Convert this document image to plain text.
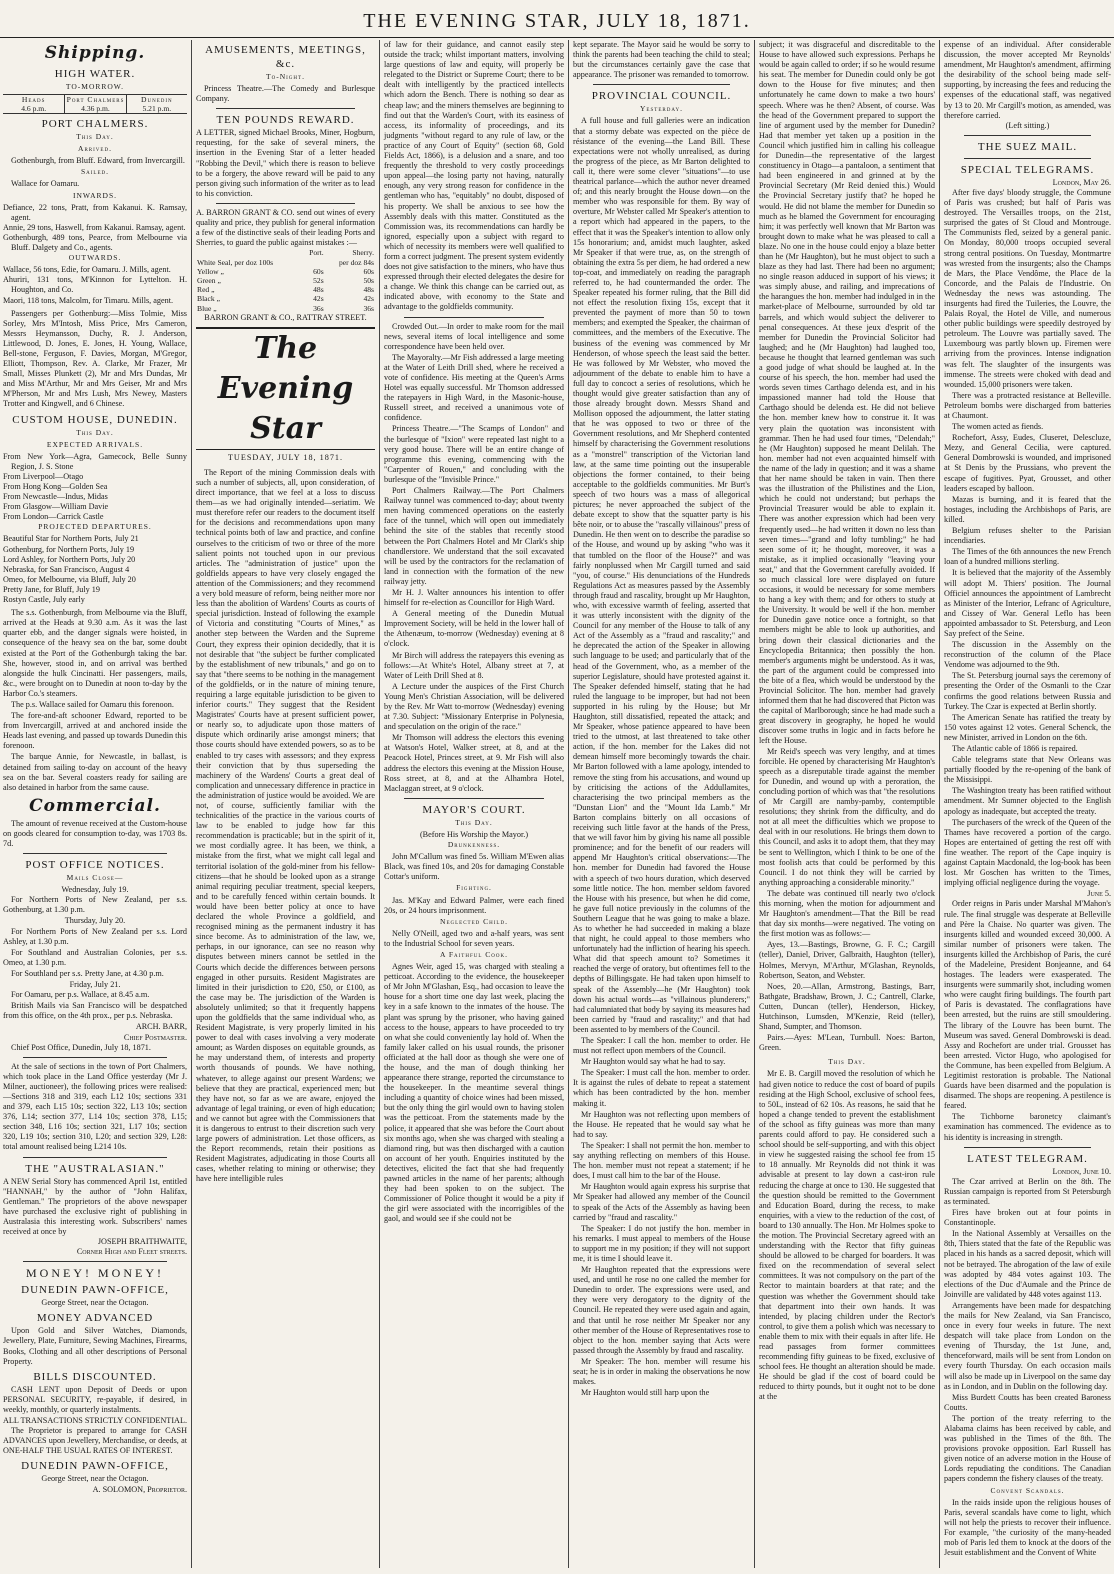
THE EVENING STAR, JULY 18, 1871.
Shipping.
HIGH WATER.
TO-MORROW.
Heads
4.6 p.m.
Port Chalmers
4.36 p.m.
Dunedin
5.21 p.m.
PORT CHALMERS.
This Day.
Arrived.
Gothenburgh, from Bluff. Edward, from Invercargill.
Sailed.
Wallace for Oamaru.
INWARDS.
Defiance, 22 tons, Pratt, from Kakanui. K. Ramsay, agent.
Annie, 29 tons, Haswell, from Kakanui. Ramsay, agent.
Gothenburgh, 489 tons, Pearce, from Melbourne via Bluff. Dalgety and Co., agents.
OUTWARDS.
Wallace, 56 tons, Edie, for Oamaru. J. Mills, agent.
Ahuriri, 131 tons, M'Kinnon for Lyttelton. H. Houghton, and Co.
Maori, 118 tons, Malcolm, for Timaru. Mills, agent.
Passengers per Gothenburg:—Miss Tolmie, Miss Sorley, Mrs M'Intosh, Miss Price, Mrs Cameron, Messrs Heymansson, Duchy, R. J. Anderson, Littlewood, D. Jones, E. Jones, H. Young, Wallace, Bell-stone, Ferguson, F. Davies, Morgan, M'Gregor, Elliott, Thompson, Rev. A. Clarke, Mr Frazer, Mr Small, Misses Plunkett (2), Mr and Mrs Dundas, Mr and Miss M'Arthur, Mr and Mrs Geiser, Mr and Mrs M'Pherson, Mr and Mrs Lush, Mrs Newey, Masters Trotter and Kingwell, and 6 Chinese.
CUSTOM HOUSE, DUNEDIN.
This Day.
EXPECTED ARRIVALS.
From New York—Agra, Gamecock, Belle Sunny Region, J. S. Stone
From Liverpool—Otago
From Hong Kong—Golden Sea
From Newcastle—Indus, Midas
From Glasgow—William Davie
From London—Carrick Castle
PROJECTED DEPARTURES.
Beautiful Star for Northern Ports, July 21
Gothenburg, for Northern Ports, July 19
Lord Ashley, for Northern Ports, July 20
Nebraska, for San Francisco, August 4
Omeo, for Melbourne, via Bluff, July 20
Pretty Jane, for Bluff, July 19
Rostyn Castle, July early
The s.s. Gothenburgh, from Melbourne via the Bluff, arrived at the Heads at 9.30 a.m. As it was the last quarter ebb, and the danger signals were hoisted, in consequence of the heavy sea on the bar, some doubt existed at the Port of the Gothenburgh taking the bar. She, however, stood in, and on arrival was berthed alongside the hulk Cincinatti. Her passengers, mails, &c., were brought on to Dunedin at noon to-day by the Harbor Co.'s steamers.
The p.s. Wallace sailed for Oamaru this forenoon.
The fore-and-aft schooner Edward, reported to be from Invercargill, arrived at and anchored inside the Heads last evening, and passed up towards Dunedin this forenoon.
The barque Annie, for Newcastle, in ballast, is detained from sailing to-day on account of the heavy sea on the bar. Several coasters ready for sailing are also detained in harbor from the same cause.
Commercial.
The amount of revenue received at the Custom-house on goods cleared for consumption to-day, was 1703 8s. 7d.
POST OFFICE NOTICES.
Mails Close—
Wednesday, July 19.
For Northern Ports of New Zealand, per s.s. Gothenburg, at 1.30 p.m.
Thursday, July 20.
For Northern Ports of New Zealand per s.s. Lord Ashley, at 1.30 p.m.
For Southland and Australian Colonies, per s.s. Omeo, at 1.30 p.m.
For Southland per s.s. Pretty Jane, at 4.30 p.m.
Friday, July 21.
For Oamaru, per p.s. Wallace, at 8.45 a.m.
British Mails via San Francisco will be despatched from this office, on the 4th prox., per p.s. Nebraska.
ARCH. BARR,
Chief Postmaster.
Chief Post Office, Dunedin, July 18, 1871.
At the sale of sections in the town of Port Chalmers, which took place in the Land Office yesterday (Mr J. Milner, auctioneer), the following prices were realised:—Sections 318 and 319, each L12 10s; sections 331 and 379, each L15 10s; section 322, L13 10s; section 376, L14; section 377, L14 10s; section 378, L15; section 348, L16 10s; section 321, L17 10s; section 320, L19 10s; section 310, L20; and section 329, L28: total amount realised being L214 10s.
THE "AUSTRALASIAN."
A NEW Serial Story has commenced April 1st, entitled "HANNAH," by the author of "John Halifax, Gentleman." The proprietors of the above newspaper have purchased the exclusive right of publishing in Australasia this interesting work. Subscribers' names received at once by
JOSEPH BRAITHWAITE,
Corner High and Fleet streets.
MONEY! MONEY!
DUNEDIN PAWN-OFFICE,
George Street, near the Octagon.
MONEY ADVANCED
Upon Gold and Silver Watches, Diamonds, Jewellery, Plate, Furniture, Sewing Machines, Firearms, Books, Clothing and all other descriptions of Personal Property.
BILLS DISCOUNTED.
CASH LENT upon Deposit of Deeds or upon PERSONAL SECURITY, re-payable, if desired, in weekly, monthly, or quarterly instalments.
ALL TRANSACTIONS STRICTLY CONFIDENTIAL.
The Proprietor is prepared to arrange for CASH ADVANCES upon Jewellery, Merchandise, or deeds, at ONE-HALF THE USUAL RATES OF INTEREST.
DUNEDIN PAWN-OFFICE,
George Street, near the Octagon.
A. SOLOMON, Proprietor.
AMUSEMENTS, MEETINGS, &c.
To-Night.
Princess Theatre.—The Comedy and Burlesque Company.
TEN POUNDS REWARD.
A LETTER, signed Michael Brooks, Miner, Hogburn, requesting, for the sake of several miners, the insertion in the Evening Star of a letter headed "Robbing the Devil," which there is reason to believe to be a forgery, the above reward will be paid to any person giving such information of the writer as to lead to his conviction.
A. BARRON GRANT & CO. send out wines of every quality and price, they publish for general information a few of the distinctive seals of their leading Ports and Sherries, to guard the public against mistakes :—
	Port.	Sherry.
White Seal, per doz 100s		per doz 84s
Yellow „	60s	60s
Green „	52s	50s
Red „	48s	48s
Black „	42s	42s
Blue „	36s	36s
BARRON GRANT & CO., RATTRAY STREET.
The Evening Star
TUESDAY, JULY 18, 1871.
The Report of the mining Commission deals with such a number of subjects, all, upon consideration, of direct importance, that we feel at a loss to discuss them—as we had originally intended—seriatim. We must therefore refer our readers to the document itself for the decisions and recommendations upon many technical points both of law and practice, and confine ourselves to the criticism of two or three of the more salient points not touched upon in our previous articles. The "administration of justice" upon the goldfields appears to have very closely engaged the attention of the Commissioners; and they recommend a very bold measure of reform, being neither more nor less than the abolition of Wardens' Courts as courts of special jurisdiction. Instead of following the example of Victoria and constituting "Courts of Mines," as another step between the Warden and the Supreme Court, they express their opinion decidedly, that it is not desirable that "the subject be further complicated by the establishment of new tribunals," and go on to say that "there seems to be nothing in the management of the goldfields, or in the nature of mining tenure, requiring a large equitable jurisdiction to be given to inferior courts." They suggest that the Resident Magistrates' Courts have at present sufficient power, or nearly so, to adjudicate upon those matters of dispute which ordinarily arise amongst miners; that those courts should have extended powers, so as to be enabled to try cases with assessors; and they express their conviction that by thus superseding the machinery of the Wardens' Courts a great deal of complication and unnecessary difference in practice in the administration of justice would be avoided. We are not, of course, sufficiently familiar with the technicalities of the practice in the various courts of law to be enabled to judge how far this recommendation is practicable; but in the spirit of it, we most cordially agree. It has been, we think, a mistake from the first, what we might call legal and territorial isolation of the gold-miner from his fellow-citizens—that he should be looked upon as a strange animal requiring peculiar treatment, special keepers, and to be carefully fenced within certain bounds. It would have been better policy at once to have declared the whole Province a goldfield, and recognised mining as the permanent industry it has since become. As to administration of the law, we, perhaps, in our ignorance, can see no reason why disputes between miners cannot be settled in the Courts which decide the differences between persons engaged in other pursuits. Resident Magistrates are limited in their jurisdiction to £20, £50, or £100, as the case may be. The jurisdiction of the Warden is absolutely unlimited; so that it frequently happens upon the goldfields that the same individual who, as Resident Magistrate, is very properly limited in his power to deal with cases involving a very moderate amount; as Warden disposes on equitable grounds, as he may understand them, of interests and property worth thousands of pounds. We have nothing, whatever, to allege against our present Wardens; we believe that they are practical, experienced men; but they have not, so far as we are aware, enjoyed the advantage of legal training, or even of high education; and we cannot but agree with the Commissioners that it is dangerous to entrust to their discretion such very large powers of administration. Let those officers, as the Report recommends, retain their positions as Resident Magistrates, adjudicating in those Courts all cases, whether relating to mining or otherwise; they have here intelligible rules
of law for their guidance, and cannot easily step outside the track; whilst important matters, involving large questions of law and equity, will properly be relegated to the District or Supreme Court; there to be dealt with intelligently by the practiced intellects which adorn the Bench. There is nothing so dear as cheap law; and the miners themselves are beginning to find out that the Warden's Court, with its easiness of access, its informality of proceedings, and its judgments "without regard to any rule of law, or the practice of any Court of Equity" (section 68, Gold Fields Act, 1866), is a delusion and a snare, and too frequently the threshold to very costly proceedings upon appeal—the losing party not having, naturally enough, any very strong reason for confidence in the gentleman who has, "equitably" no doubt, disposed of his property. We shall be anxious to see how the Assembly deals with this matter. Constituted as the Commission was, its recommendations can hardly be ignored, especially upon a subject with regard to which of necessity its members were well qualified to form a correct judgment. The present system evidently does not give satisfaction to the miners, who have thus expressed through their elected delegates the desire for a change. We think this change can be carried out, as indicated above, with economy to the State and advantage to the goldfields community.
Crowded Out.—In order to make room for the mail news, several items of local intelligence and some correspondence have been held over.
The Mayoralty.—Mr Fish addressed a large meeting at the Water of Leith Drill shed, where he received a vote of confidence. His meeting at the Queen's Arms Hotel was equally successful. Mr Thomson addressed the ratepayers in High Ward, in the Masonic-house, Russell street, and received a unanimous vote of confidence.
Princess Theatre.—"The Scamps of London" and the burlesque of "Ixion" were repeated last night to a very good house. There will be an entire change of programme this evening, commencing with the "Carpenter of Rouen," and concluding with the burlesque of the "Invisible Prince."
Port Chalmers Railway.—The Port Chalmers Railway tunnel was commenced to-day; about twenty men having commenced operations on the easterly face of the tunnel, which will open out immediately behind the site of the stables that recently stood between the Port Chalmers Hotel and Mr Clark's ship chandlerstore. We understand that the soil excavated will be used by the contractors for the reclamation of land in connection with the formation of the new railway jetty.
Mr H. J. Walter announces his intention to offer himself for re-election as Councillor for High Ward.
A General meeting of the Dunedin Mutual Improvement Society, will be held in the lower hall of the Athenæum, to-morrow (Wednesday) evening at 8 o'clock.
Mr Birch will address the ratepayers this evening as follows:—At White's Hotel, Albany street at 7, at Water of Leith Drill Shed at 8.
A Lecture under the auspices of the First Church Young Men's Christian Association, will be delivered by the Rev. Mr Watt to-morrow (Wednesday) evening at 7.30. Subject: "Missionary Enterprise in Polynesia, and speculation on the origin of the race."
Mr Thomson will address the electors this evening at Watson's Hotel, Walker street, at 8, and at the Peacock Hotel, Princes street, at 9. Mr Fish will also address the electors this evening at the Mission House, Ross street, at 8, and at the Alhambra Hotel, Maclaggan street, at 9 o'clock.
MAYOR'S COURT.
This Day.
(Before His Worship the Mayor.)
Drunkenness.
John M'Callum was fined 5s. William M'Ewen alias Black, was fined 10s, and 20s for damaging Constable Cottar's uniform.
Fighting.
Jas. M'Kay and Edward Palmer, were each fined 20s, or 24 hours imprisonment.
Neglected Child.
Nelly O'Neill, aged two and a-half years, was sent to the Industrial School for seven years.
A Faithful Cook.
Agnes Weir, aged 15, was charged with stealing a petticoat. According to the evidence, the housekeeper of Mr John M'Glashan, Esq., had occasion to leave the house for a short time one day last week, placing the key in a safe known to the inmates of the house. The plant was sprung by the prisoner, who having gained access to the house, appears to have proceeded to try on what she could conveniently lay hold of. When the family laker called on his usual rounds, the prisoner officiated at the hall door as though she were one of the house, and the man of dough thinking her appearance there strange, reported the circumstance to the housekeeper. In the meantime several things including a quantity of choice wines had been missed, but the only thing the girl would own to having stolen was the petticoat. From the statements made by the police, it appeared that she was before the Court about six months ago, when she was charged with stealing a diamond ring, but was then discharged with a caution on account of her youth. Enquiries instituted by the detectives, elicited the fact that she had frequently pawned articles in the name of her parents; although they had been spoken to on the subject. The Commissioner of Police thought it would be a pity if the girl were associated with the incorrigibles of the gaol, and would see if she could not be
kept separate. The Mayor said he would be sorry to think the parents had been teaching the child to steal; but the circumstances certainly gave the case that appearance. The prisoner was remanded to tomorrow.
PROVINCIAL COUNCIL.
Yesterday.
A full house and full galleries were an indication that a stormy debate was expected on the pièce de résistance of the evening—the Land Bill. These expectations were not wholly unrealised, as during the progress of the piece, as Mr Barton delighted to call it, there were some clever "situations"—to use theatrical parlance—which the author never dreamed of; and this nearly brought the House down—on the member who was responsible for them. By way of overture, Mr Webster called Mr Speaker's attention to a report which had appeared in the papers, to the effect that it was the Speaker's intention to allow only 15s honorarium; and, amidst much laughter, asked Mr Speaker if that were true, as, on the strength of obtaining the extra 5s per diem, he had ordered a new top-coat, and immediately on reading the paragraph referred to, he had countermanded the order. The Speaker repeated his former ruling, that the Bill did not effect the resolution fixing 15s, except that it prevented the payment of more than 50 to town members; and exempted the Speaker, the chairman of committees, and the members of the Executive. The business of the evening was commenced by Mr Henderson, of whose speech the least said the better. He was followed by Mr Webster, who moved the adjournment of the debate to enable him to have a full day to concoct a series of resolutions, which he thought would give greater satisfaction than any of those already brought down. Messrs Shand and Mollison opposed the adjournment, the latter stating that he was opposed to two or three of the Government resolutions, and Mr Shepherd contented himself by characterising the Government resolutions as a "monstrel" transcription of the Victorian land law, at the same time pointing out the insuperable objections the former contained, to their being acceptable to the goldfields communities. Mr Burt's speech of two hours was a mass of allegorical pictures; he never approached the subject of the debate except to show that the squatter party is his bête noir, or to abuse the "rascally villainous" press of Dunedin. He then went on to describe the paradise so of the House, and wound up by asking "who was it that tumbled on the floor of the House?" and was fairly nonplussed when Mr Cargill turned and said "you, of course." His denunciations of the Hundreds Regulations Act as measures passed by the Assembly through fraud and rascality, brought up Mr Haughton, who, with excessive warmth of feeling, asserted that it was utterly inconsistent with the dignity of the Council for any member of the House to talk of any Act of the Assembly as a "fraud and rascality;" and he deprecated the action of the Speaker in allowing such language to be used; and particularly that of the head of the Government, who, as a member of the superior Legislature, should have protested against it. The Speaker defended himself, stating that he had ruled the language to be improper, but had not been supported in his ruling by the House; but Mr Haughton, still dissatisfied, repeated the attack; and Mr Speaker, whose patience appeared to have been tried to the utmost, at last threatened to take other action, if the hon. member for the Lakes did not demean himself more becomingly towards the chair. Mr Barton followed with a lame apology, intended to remove the sting from his accusations, and wound up by criticising the actions of the Addullamites, characterising the two principal members as the "Dunstan Lion" and the "Mount Ida Lamb." Mr Barton complains bitterly on all occasions of receiving such little favor at the hands of the Press, that we will favor him by giving his name all possible prominence; and for the benefit of our readers will append Mr Haughton's critical observations:—The hon. member for Dunedin had favored the House with a speech of two hours duration, which deserved some little notice. The hon. member seldom favored the House with his presence, but when he did come, he gave full notice previously in the columns of the Southern League that he was going to make a blaze. As to whether he had succeeded in making a blaze that night, he could appeal to those members who unfortunately had the infliction of hearing his speech. What did that speech amount to? Sometimes it reached the verge of oratory, but oftentimes fell to the depths of Billingsgate. He had taken upon himself to speak of the Assembly—he (Mr Haughton) took down his actual words—as "villainous plunderers;" had calumniated that body by saying its measures had been carried by "fraud and rascality;" and that had been assented to by members of the Council.
The Speaker: I call the hon. member to order. He must not reflect upon members of the Council.
Mr Haughton would say what he had to say.
The Speaker: I must call the hon. member to order. It is against the rules of debate to repeat a statement which has been contradicted by the hon. member making it.
Mr Haughton was not reflecting upon members of the House. He repeated that he would say what he had to say.
The Speaker: I shall not permit the hon. member to say anything reflecting on members of this House. The hon. member must not repeat a statement; if he does, I must call him to the bar of the House.
Mr Haughton would again express his surprise that Mr Speaker had allowed any member of the Council to speak of the Acts of the Assembly as having been carried by "fraud and rascality."
The Speaker: I do not justify the hon. member in his remarks. I must appeal to members of the House to support me in my position; if they will not support me, it is time I should leave it.
Mr Haughton repeated that the expressions were used, and until he rose no one called the member for Dunedin to order. The expressions were used, and they were very derogatory to the dignity of the Council. He repeated they were used again and again, and that until he rose neither Mr Speaker nor any other member of the House of Representatives rose to object to the hon. member saying that Acts were passed through the Assembly by fraud and rascality.
Mr Speaker: The hon. member will resume his seat; he is in order in making the observations he now makes.
Mr Haughton would still harp upon the
subject; it was disgraceful and discreditable to the House to have allowed such expressions. Perhaps he would be again called to order; if so he would resume his seat. The member for Dunedin could only be got down to the House for five minutes; and then unfortunately he came down to make a two hours' speech. Where was he then? Absent, of course. Was the head of the Government prepared to support the line of argument used by the member for Dunedin? Had that member yet taken up a position in the Council which justified him in calling his colleague for Dunedin—the representative of the largest constituency in Otago—a pantaloon, a sentiment that had been engineered in and grinned at by the Provincial Secretary (Mr Reid denied this.) Would the Provincial Secretary justify that? he hoped he would. He did not blame the member for Dunedin so much as he blamed the Government for encouraging him; it was perfectly well known that Mr Barton was brought down to make what he was pleased to call a blaze. No one in the house could enjoy a blaze better than he (Mr Haughton), but he must object to such a blaze as they had last. There had been no argument; no single reason adduced in support of his views; it was simply abuse, and railing, and imprecations of the harangues the hon. member had indulged in in the market-place of Melbourne, surrounded by old tar barrels, and which would subject the deliverer to penal consequences. At these jeux d'esprit of the member for Dunedin the Provincial Solicitor had laughed; and he (Mr Haughton) had laughed too, because he thought that learned gentleman was such a good judge of what should be laughed at. In the course of his speech, the hon. member had used the words seven times Carthago delenda est, and in his impassioned manner had told the House that Carthago should be delenda est. He did not believe the hon. member knew how to construe it. It was very plain the quotation was inconsistent with grammar. Then he had used four times, "Delendah;" he (Mr Haughton) supposed he meant Delilah. The hon. member had not even acquainted himself with the name of the lady in question; and it was a shame that her name should be taken in vain. Then there was the illustration of the Philistines and the Lion, which he could not understand; but perhaps the Provincial Treasurer would be able to explain it. There was another expression which had been very frequently used—he had written it down no less than seven times—"grand and lofty tumbling;" he had seen some of it; he thought, moreover, it was a mistake, as it implied occasionally "leaving your seat," and that the Government carefully avoided. If so much classical lore were displayed on future occasions, it would be necessary for some members to hang a key with them; and for others to study at the University. It would be well if the hon. member for Dunedin gave notice once a fortnight, so that members might be able to look up authorities, and bring down their classical dictionaries and the Encyclopedia Britannica; then possibly the hon. member's arguments might be understood. As it was, the part of the argument could be compressed into the bite of a flea, which would be understood by the Provincial Solicitor. The hon. member had gravely informed them that he had discovered that Picton was the capital of Marlborough; since he had made such a great discovery in geography, he hoped he would discover some truths in logic and in facts before he left the House.
Mr Reid's speech was very lengthy, and at times forcible. He opened by characterising Mr Haughton's speech as a disreputable tirade against the member for Dunedin, and wound up with a peroration, the concluding portion of which was that "the resolutions of Mr Cargill are namby-pamby, contemptible resolutions; they shrink from the difficulty, and do not at all meet the difficulties which we propose to deal with in our resolutions. He brings them down to this Council, and asks it to adopt them, that they may be sent to Wellington, which I think to be one of the most foolish acts that could be performed by this Council. I do not think they will be carried by anything approaching a considerable minority."
The debate was continued till nearly two o'clock this morning, when the motion for adjournment and Mr Haughton's amendment—That the Bill be read that day six months—were negatived. The voting on the first motion was as follows:—
Ayes, 13.—Bastings, Browne, G. F. C.; Cargill (teller), Daniel, Driver, Galbraith, Haughton (teller), Holmes, Mervyn, M'Arthur, M'Glashan, Reynolds, Robertson, Seaton, and Webster.
Noes, 20.—Allan, Armstrong, Bastings, Barr, Bathgate, Bradshaw, Brown, J. C.; Cantrell, Clarke, Cutten, Duncan (teller), Henderson, Hickey, Hutchinson, Lumsden, M'Kenzie, Reid (teller), Shand, Sumpter, and Thomson.
Pairs.—Ayes: M'Lean, Turnbull. Noes: Barton, Green.
This Day.
Mr E. B. Cargill moved the resolution of which he had given notice to reduce the cost of board of pupils residing at the High School, exclusive of school fees, to 50L, instead of 62 10s. As reasons, he said that he hoped a change tended to prevent the establishment of the school as fifty guineas was more than many parents could afford to pay. He considered such a school should be self-supporting, and with this object in view he suggested raising the school fee from 15 to 18 annually. Mr Reynolds did not think it was advisable at present to lay down a cast-iron rule reducing the charge at once to 130. He suggested that the question should be remitted to the Government and Education Board, during the recess, to make enquiries, with a view to the reduction of the cost, of board to 130 annually. The Hon. Mr Holmes spoke to the motion. The Provincial Secretary agreed with an understanding with the Rector that fifty guineas should be allowed to be charged for boarders. It was fixed on the recommendation of several select committees. It was not compulsory on the part of the Rector to maintain boarders at that rate; and the question was whether the Government should take that department into their own hands. It was intended, by placing children under the Rector's control, to give them a polish which was necessary to enable them to mix with their equals in after life. He read passages from former committees recommending fifty guineas to be fixed, exclusive of school fees. He thought an alteration should be made. He should be glad if the cost of board could be reduced to thirty pounds, but it ought not to be done at the
expense of an individual. After considerable discussion, the mover accepted Mr Reynolds' amendment, Mr Haughton's amendment, affirming the desirability of the school being made self-supporting, by increasing the fees and reducing the expenses of the educational staff, was negatived by 13 to 20. Mr Cargill's motion, as amended, was therefore carried.
(Left sitting.)
THE SUEZ MAIL.
SPECIAL TELEGRAMS.
London, May 26.
After five days' bloody struggle, the Commune of Paris was crushed; but half of Paris was destroyed. The Versailles troops, on the 21st, surprised the gates of St Cloud and Montrouge. The Communists fled, seized by a general panic. On Monday, 80,000 troops occupied several strong central positions. On Tuesday, Montmartre was wrested from the insurgents; also the Champs de Mars, the Place Vendôme, the Place de la Concorde, and the Palais de l'Industrie. On Wednesday the news was astounding. The insurgents had fired the Tuileries, the Louvre, the Palais Royal, the Hotel de Ville, and numerous other public buildings were speedily destroyed by petroleum. The Louvre was partially saved. The Luxembourg was partly blown up. Firemen were arriving from the provinces. Intense indignation was felt. The slaughter of the insurgents was immense. The streets were choked with dead and wounded. 15,000 prisoners were taken.
There was a protracted resistance at Belleville. Petroleum bombs were discharged from batteries at Chaumont.
The women acted as fiends.
Rochefort, Assy, Eudes, Cluseret, Delescluze, Mezy, and General Cecilia, were captured. General Dombrowski is wounded, and imprisoned at St Denis by the Prussians, who prevent the escape of fugitives. Pyat, Grousset, and other leaders escaped by balloon.
Mazas is burning, and it is feared that the hostages, including the Archbishops of Paris, are killed.
Belgium refuses shelter to the Parisian incendiaries.
The Times of the 6th announces the new French loan of a hundred millions sterling.
It is believed that the majority of the Assembly will adopt M. Thiers' position. The Journal Officiel announces the appointment of Lambrecht as Minister of the Interior, Lefranc of Agriculture, and Cissey of War. General Leflo has been appointed ambassador to St. Petersburg, and Leon Say prefect of the Seine.
The discussion in the Assembly on the reconstruction of the column of the Place Vendome was adjourned to the 9th.
The St. Petersburg journal says the ceremony of presenting the Order of the Osmanli to the Czar confirms the good relations between Russia and Turkey. The Czar is expected at Berlin shortly.
The American Senate has ratified the treaty by 150 votes against 12 votes. General Schenck, the new Minister, arrived in London on the 6th.
The Atlantic cable of 1866 is repaired.
Cable telegrams state that New Orleans was partially flooded by the re-opening of the bank of the Missisippi.
The Washington treaty has been ratified without amendment. Mr Sumner objected to the English apology as inadequate, but accepted the treaty.
The purchasers of the wreck of the Queen of the Thames have recovered a portion of the cargo. Hopes are entertained of getting the rest off with fine weather. The report of the Cape inquiry is against Captain Macdonald, the log-book has been lost. Mr Goschen has written to the Times, implying official negligence during the voyage.
June 5.
Order reigns in Paris under Marshal M'Mahon's rule. The final struggle was desperate at Belleville and Père la Chaise. No quarter was given. The insurgents killed and wounded exceed 30,000. A similar number of prisoners were taken. The insurgents killed the Archbishop of Paris, the curé of the Madeleine, President Bonjeanne, and 64 hostages. The leaders were exasperated. The insurgents were summarily shot, including women who were caught firing buildings. The fourth part of Paris is devastated. The conflagrations have been arrested, but the ruins are still smouldering. The library of the Louvre has been burnt. The Museum was saved. General Dombrowski is dead. Assy and Rochefort are under trial. Grousset has been arrested. Victor Hugo, who apologised for the Commune, has been expelled from Belgium. A Legitimist restoration is probable. The National Guards have been disarmed and the population is disarmed. The shops are reopening. A pestilence is feared.
The Tichborne baronetcy claimant's examination has commenced. The evidence as to his identity is increasing in strength.
LATEST TELEGRAM.
London, June 10.
The Czar arrived at Berlin on the 8th. The Russian campaign is reported from St Petersburgh as terminated.
Fires have broken out at four points in Constantinople.
In the National Assembly at Versailles on the 8th, Thiers stated that the fate of the Republic was placed in his hands as a sacred deposit, which will not be betrayed. The abrogation of the law of exile was adopted by 484 votes against 103. The elections of the Duc d'Aumale and the Prince de Joinville are validated by 448 votes against 113.
Arrangements have been made for despatching the mails for New Zealand, via San Francisco, once in every four weeks in future. The next despatch will take place from London on the evening of Thursday, the 1st June, and, thenceforward, mails will be sent from London on every fourth Thursday. On each occasion mails will also be made up in Liverpool on the same day as in London, and in Dublin on the following day.
Miss Burdett Coutts has been created Baroness Coutts.
The portion of the treaty referring to the Alabama claims has been received by cable, and was published in the Times of the 8th. The provisions provoke opposition. Earl Russell has given notice of an adverse motion in the House of Lords repudiating the conditions. The Canadian papers condemn the fishery clauses of the treaty.
Convent Scandals.
In the raids inside upon the religious houses of Paris, several scandals have come to light, which will not help the priests to recover their influence. For example, "the curiosity of the many-headed mob of Paris led them to knock at the doors of the Jesuit establishment and the Convent of White
